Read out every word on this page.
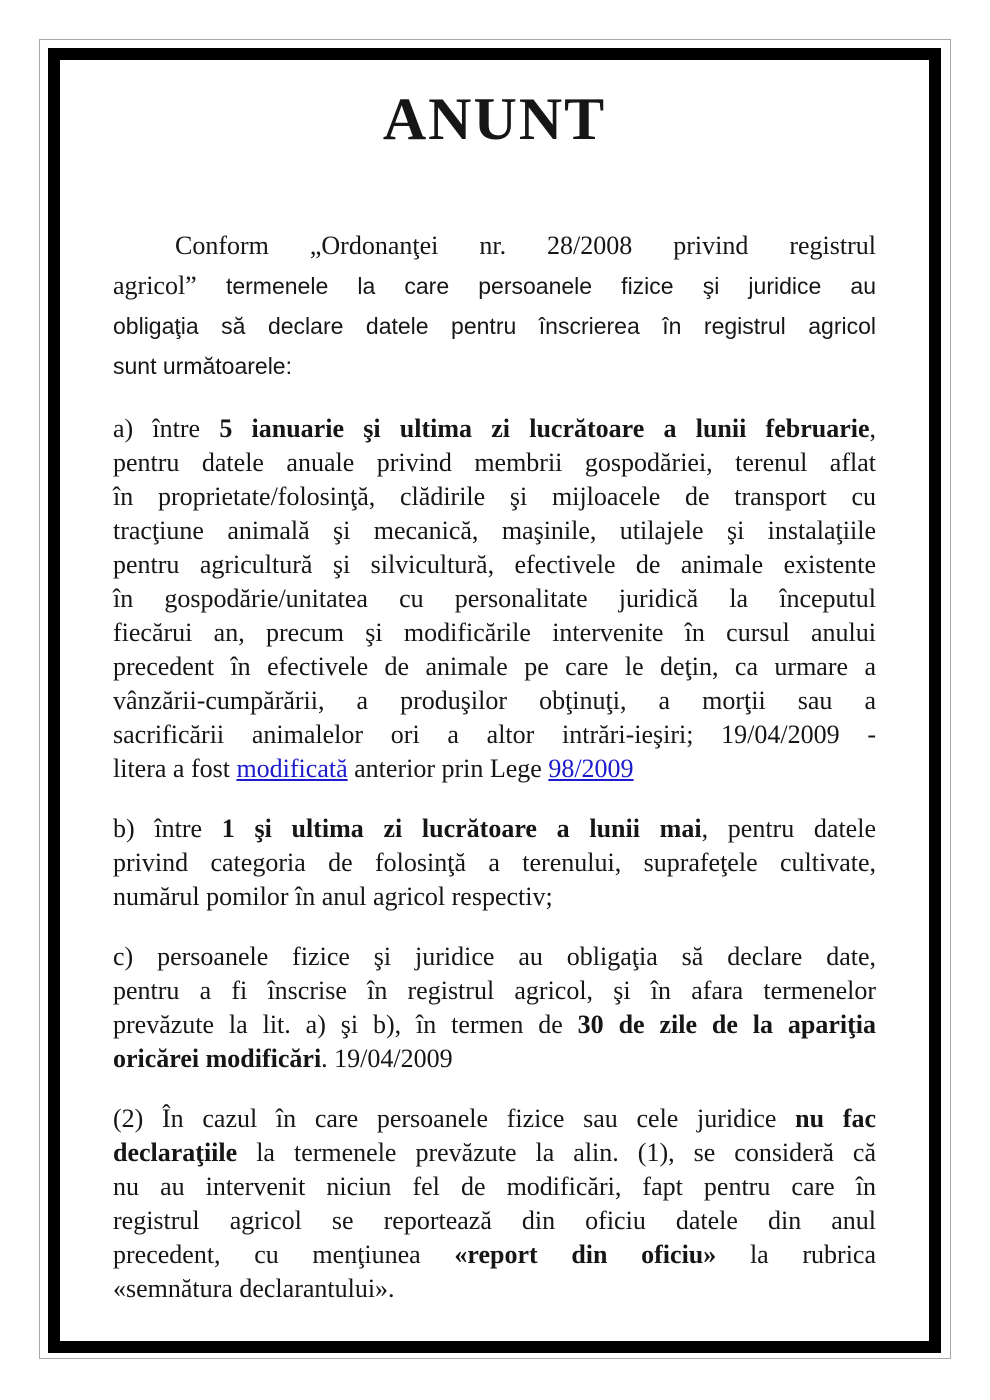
ANUNT
Conform „Ordonanţei nr. 28/2008 privind registrul
agricol” termenele la care persoanele fizice şi juridice au
obligaţia să declare datele pentru înscrierea în registrul agricol
sunt următoarele:
a) între 5 ianuarie şi ultima zi lucrătoare a lunii februarie,
pentru datele anuale privind membrii gospodăriei, terenul aflat
în proprietate/folosinţă, clădirile şi mijloacele de transport cu
tracţiune animală şi mecanică, maşinile, utilajele şi instalaţiile
pentru agricultură şi silvicultură, efectivele de animale existente
în gospodărie/unitatea cu personalitate juridică la începutul
fiecărui an, precum şi modificările intervenite în cursul anului
precedent în efectivele de animale pe care le deţin, ca urmare a
vânzării-cumpărării, a produşilor obţinuţi, a morţii sau a
sacrificării animalelor ori a altor intrări-ieşiri; 19/04/2009 -
litera a fost modificată anterior prin Lege 98/2009
b) între 1 şi ultima zi lucrătoare a lunii mai, pentru datele
privind categoria de folosinţă a terenului, suprafeţele cultivate,
numărul pomilor în anul agricol respectiv;
c) persoanele fizice şi juridice au obligaţia să declare date,
pentru a fi înscrise în registrul agricol, şi în afara termenelor
prevăzute la lit. a) şi b), în termen de 30 de zile de la apariţia
oricărei modificări. 19/04/2009
(2) În cazul în care persoanele fizice sau cele juridice nu fac
declaraţiile la termenele prevăzute la alin. (1), se consideră că
nu au intervenit niciun fel de modificări, fapt pentru care în
registrul agricol se reportează din oficiu datele din anul
precedent, cu menţiunea «report din oficiu» la rubrica
«semnătura declarantului».
